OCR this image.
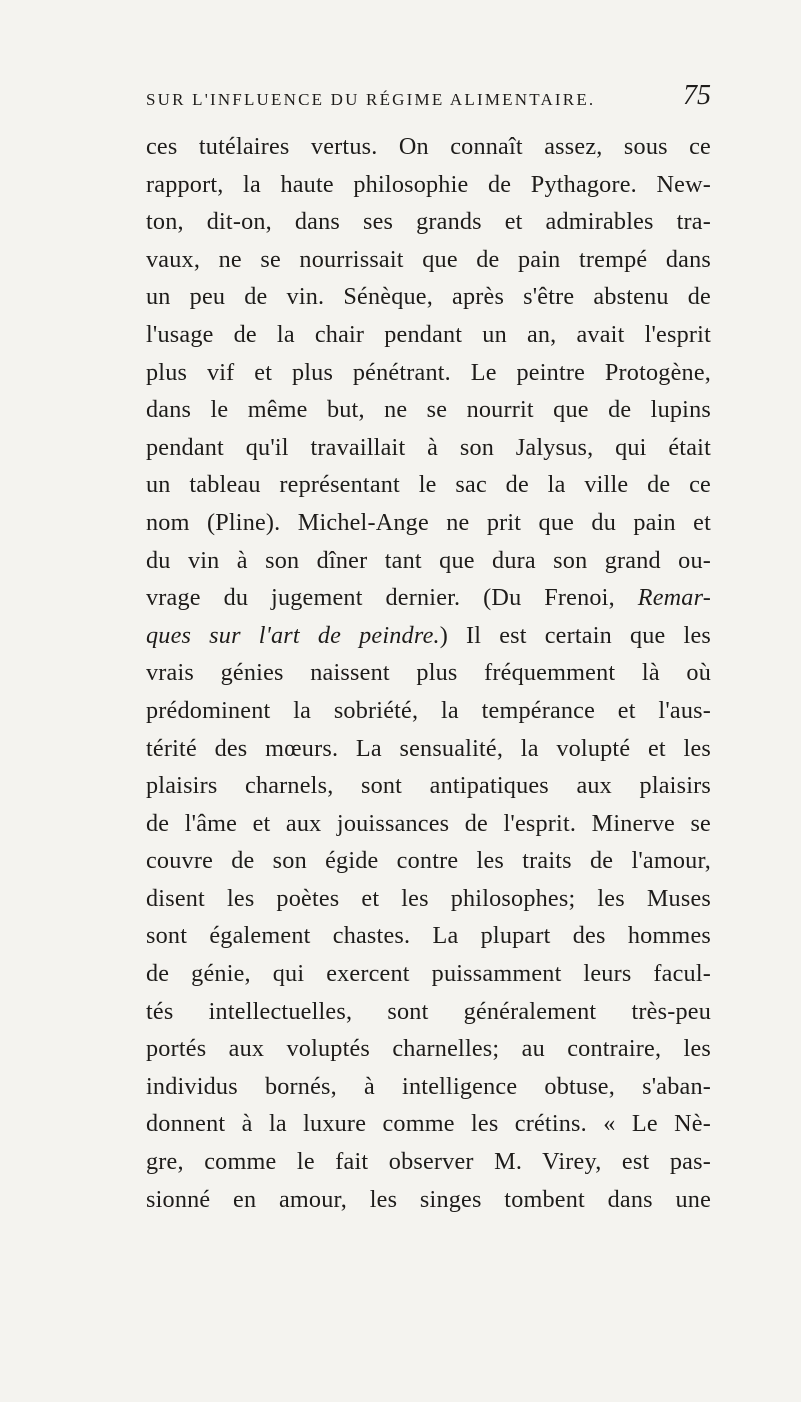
SUR L'INFLUENCE DU RÉGIME ALIMENTAIRE.	75
ces tutélaires vertus. On connaît assez, sous ce
rapport, la haute philosophie de Pythagore. New-
ton, dit-on, dans ses grands et admirables tra-
vaux, ne se nourrissait que de pain trempé dans
un peu de vin. Sénèque, après s'être abstenu de
l'usage de la chair pendant un an, avait l'esprit
plus vif et plus pénétrant. Le peintre Protogène,
dans le même but, ne se nourrit que de lupins
pendant qu'il travaillait à son Jalysus, qui était
un tableau représentant le sac de la ville de ce
nom (Pline). Michel-Ange ne prit que du pain et
du vin à son dîner tant que dura son grand ou-
vrage du jugement dernier. (Du Frenoi, Remar-
ques sur l'art de peindre.) Il est certain que les
vrais génies naissent plus fréquemment là où
prédominent la sobriété, la tempérance et l'aus-
térité des mœurs. La sensualité, la volupté et les
plaisirs charnels, sont antipatiques aux plaisirs
de l'âme et aux jouissances de l'esprit. Minerve se
couvre de son égide contre les traits de l'amour,
disent les poètes et les philosophes; les Muses
sont également chastes. La plupart des hommes
de génie, qui exercent puissamment leurs facul-
tés intellectuelles, sont généralement très-peu
portés aux voluptés charnelles; au contraire, les
individus bornés, à intelligence obtuse, s'aban-
donnent à la luxure comme les crétins. « Le Nè-
gre, comme le fait observer M. Virey, est pas-
sionné en amour, les singes tombent dans une
